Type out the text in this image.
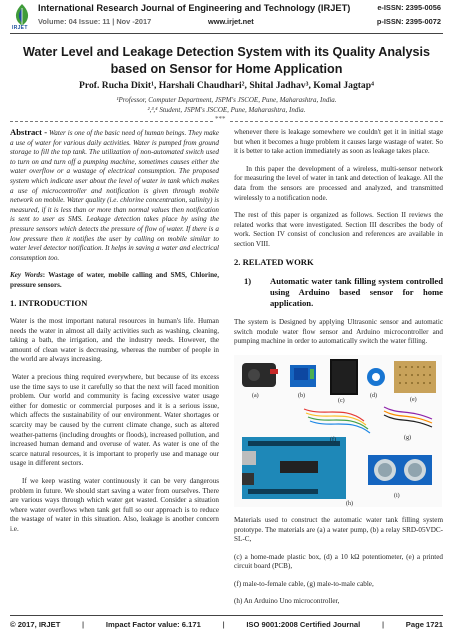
IRJET
International Research Journal of Engineering and Technology (IRJET)
Volume: 04 Issue: 11 | Nov -2017	www.irjet.net
e-ISSN: 2395-0056
p-ISSN: 2395-0072
Water Level and Leakage Detection System with its Quality Analysis based on Sensor for Home Application
Prof. Rucha Dixit¹, Harshali Chaudhari², Shital Jadhav³, Komal Jagtap⁴
¹Professor, Computer Department, JSPM's JSCOE, Pune, Maharashtra, India.
²,³,⁴ Student, JSPM's JSCOE, Pune, Maharashtra, India.
***

Abstract - Water is one of the basic need of human beings. They make a use of water for various daily activities. Water is pumped from ground storage to fill the top tank. The utilization of non-automated switch used to turn on and turn off a pumping machine, sometimes causes either the water overflow or a wastage of electrical consumption. The proposed system which indicate user about the level of water in tank which makes a use of microcontroller and notification is given through mobile network on mobile. Water quality (i.e. chlorine concentration, salinity) is measured, if it is less than or more than normal values then notification is sent to user as SMS. Leakage detection takes place by using the pressure sensors which detects the pressure of flow of water. If there is a low pressure then it notifies the user by calling on mobile similar to water level detector notification. It helps in saving a water and electrical consumption too.

Key Words: Wastage of water, mobile calling and SMS, Chlorine, pressure sensors.

1. INTRODUCTION

Water is the most important natural resources in human's life. Human needs the water in almost all daily activities such as washing, cleaning, taking a bath, the irrigation, and the industry needs. However, the amount of clean water is decreasing, whereas the number of people in the world are always increasing.

Water a precious thing required everywhere, but because of its excess use the time says to use it carefully so that the next will faced monition problem. Our world and community is facing excessive water usage either for domestic or commercial purposes and it is a serious issue, which affects the sustainability of our environment. Water shortages or scarcity may be caused by the current climate change, such as altered weather-patterns (including droughts or floods), increased pollution, and increased human demand and overuse of water. As water is one of the scarce natural resources, it is important to properly use and manage our usage in different sectors.

If we keep wasting water continuously it can be very dangerous problem in future. We should start saving a water from ourselves. There are various ways through which water get wasted. Consider a situation where water overflows when tank get full so our approach is to reduce the wastage of water in this situation. Also, leakage is another concern i.e.

whenever there is leakage somewhere we couldn't get it in initial stage but when it becomes a huge problem it causes large wastage of water. So it is better to take action immediately as soon as leakage takes place.

In this paper the development of a wireless, multi-sensor network for measuring the level of water in tank and detection of leakage. All the data from the sensors are processed and analyzed, and transmitted wirelessly to a notification node.

The rest of this paper is organized as follows. Section II reviews the related works that were investigated. Section III describes the body of work. Section IV consist of conclusion and references are available in section VIII.

2. RELATED WORK
1)	Automatic water tank filling system controlled using Arduino based sensor for home application.

The system is Designed by applying Ultrasonic sensor and automatic switch module water flow sensor and Arduino microcontroller and pumping machine in order to automatically switch the water filling.

(a)	(b)
(c)
(d)
(e)
(f)	(g)
(h)
(i)

Materials used to construct the automatic water tank filling system prototype. The materials are (a) a water pump, (b) a relay SRD-05VDC-SL-C,

(c) a home-made plastic box, (d) a 10 kΩ potentiometer, (e) a printed circuit board (PCB),

(f) male-to-female cable, (g) male-to-male cable,

(h) An Arduino Uno microcontroller,

© 2017, IRJET	|	Impact Factor value: 6.171	|	ISO 9001:2008 Certified Journal	|	Page 1721
